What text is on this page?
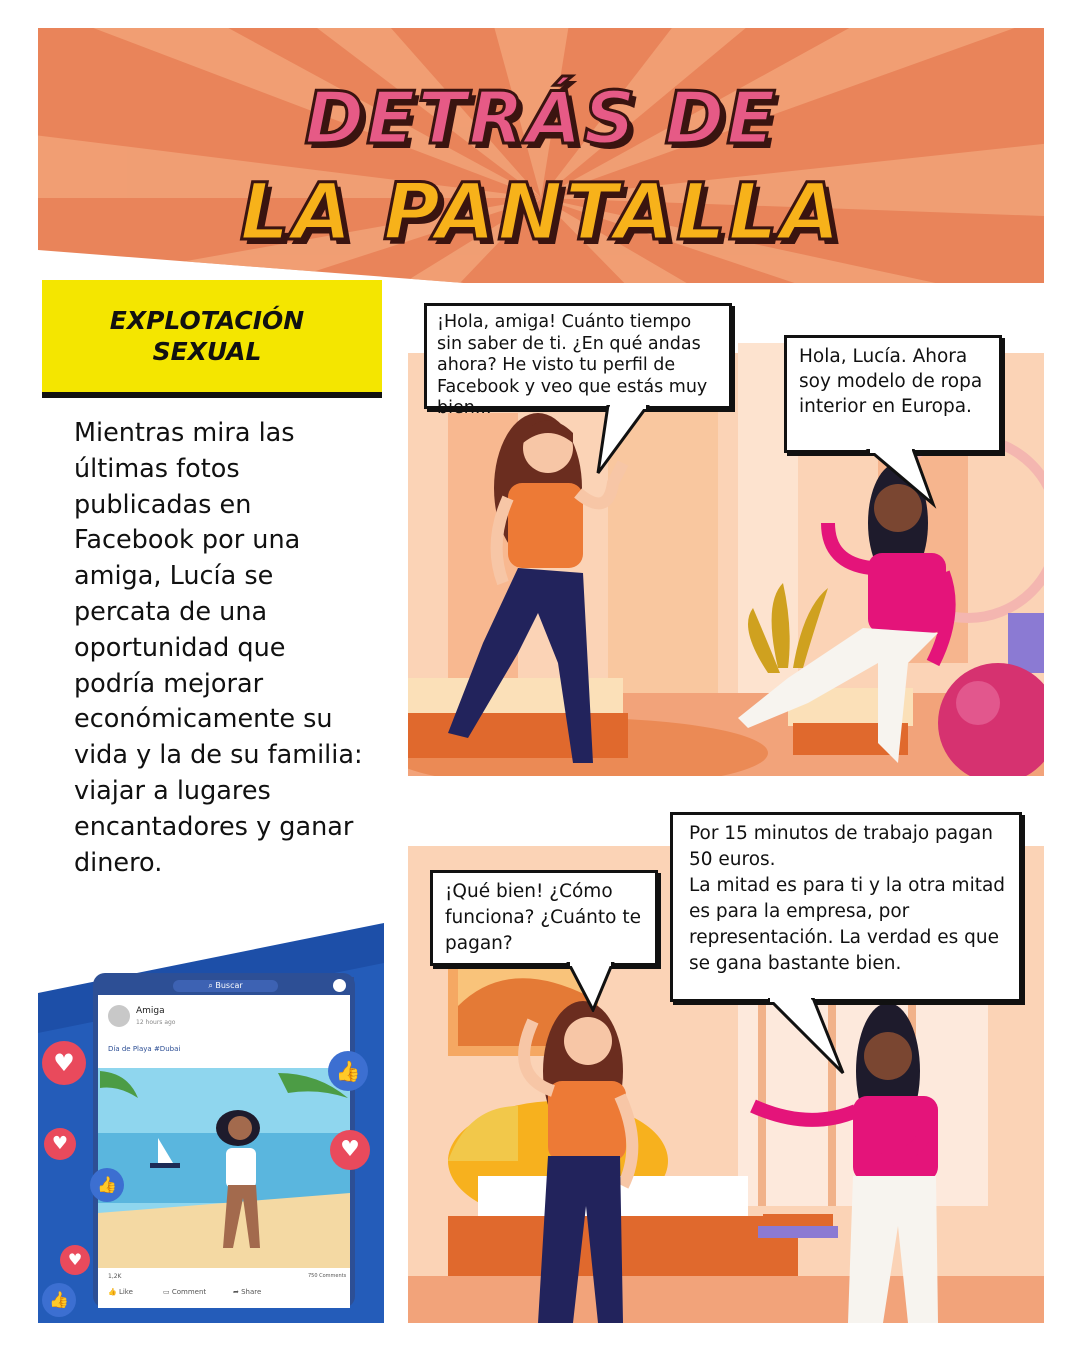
DETRÁS DE
LA PANTALLA
EXPLOTACIÓN
SEXUAL
Mientras mira las últimas fotos publicadas en Facebook por una amiga, Lucía se percata de una oportunidad que podría mejorar económicamente su vida y la de su familia: viajar a lugares encantadores y ganar dinero.
¡Hola, amiga! Cuánto tiempo sin saber de ti. ¿En qué andas ahora? He visto tu perfil de Facebook y veo que estás muy bien...
Hola, Lucía. Ahora soy modelo de ropa interior en Europa.
¡Qué bien! ¿Cómo funciona? ¿Cuánto te pagan?
Por 15 minutos de trabajo pagan 50 euros.
La mitad es para ti y la otra mitad es para la empresa, por representación. La verdad es que se gana bastante bien.
♥
♥	♥
♥
👍
👍
👍
⌕ Buscar
Amiga
12 hours ago
Día de Playa #Dubai
1,2K	750 Comments
👍 Like	▭ Comment	➦ Share
